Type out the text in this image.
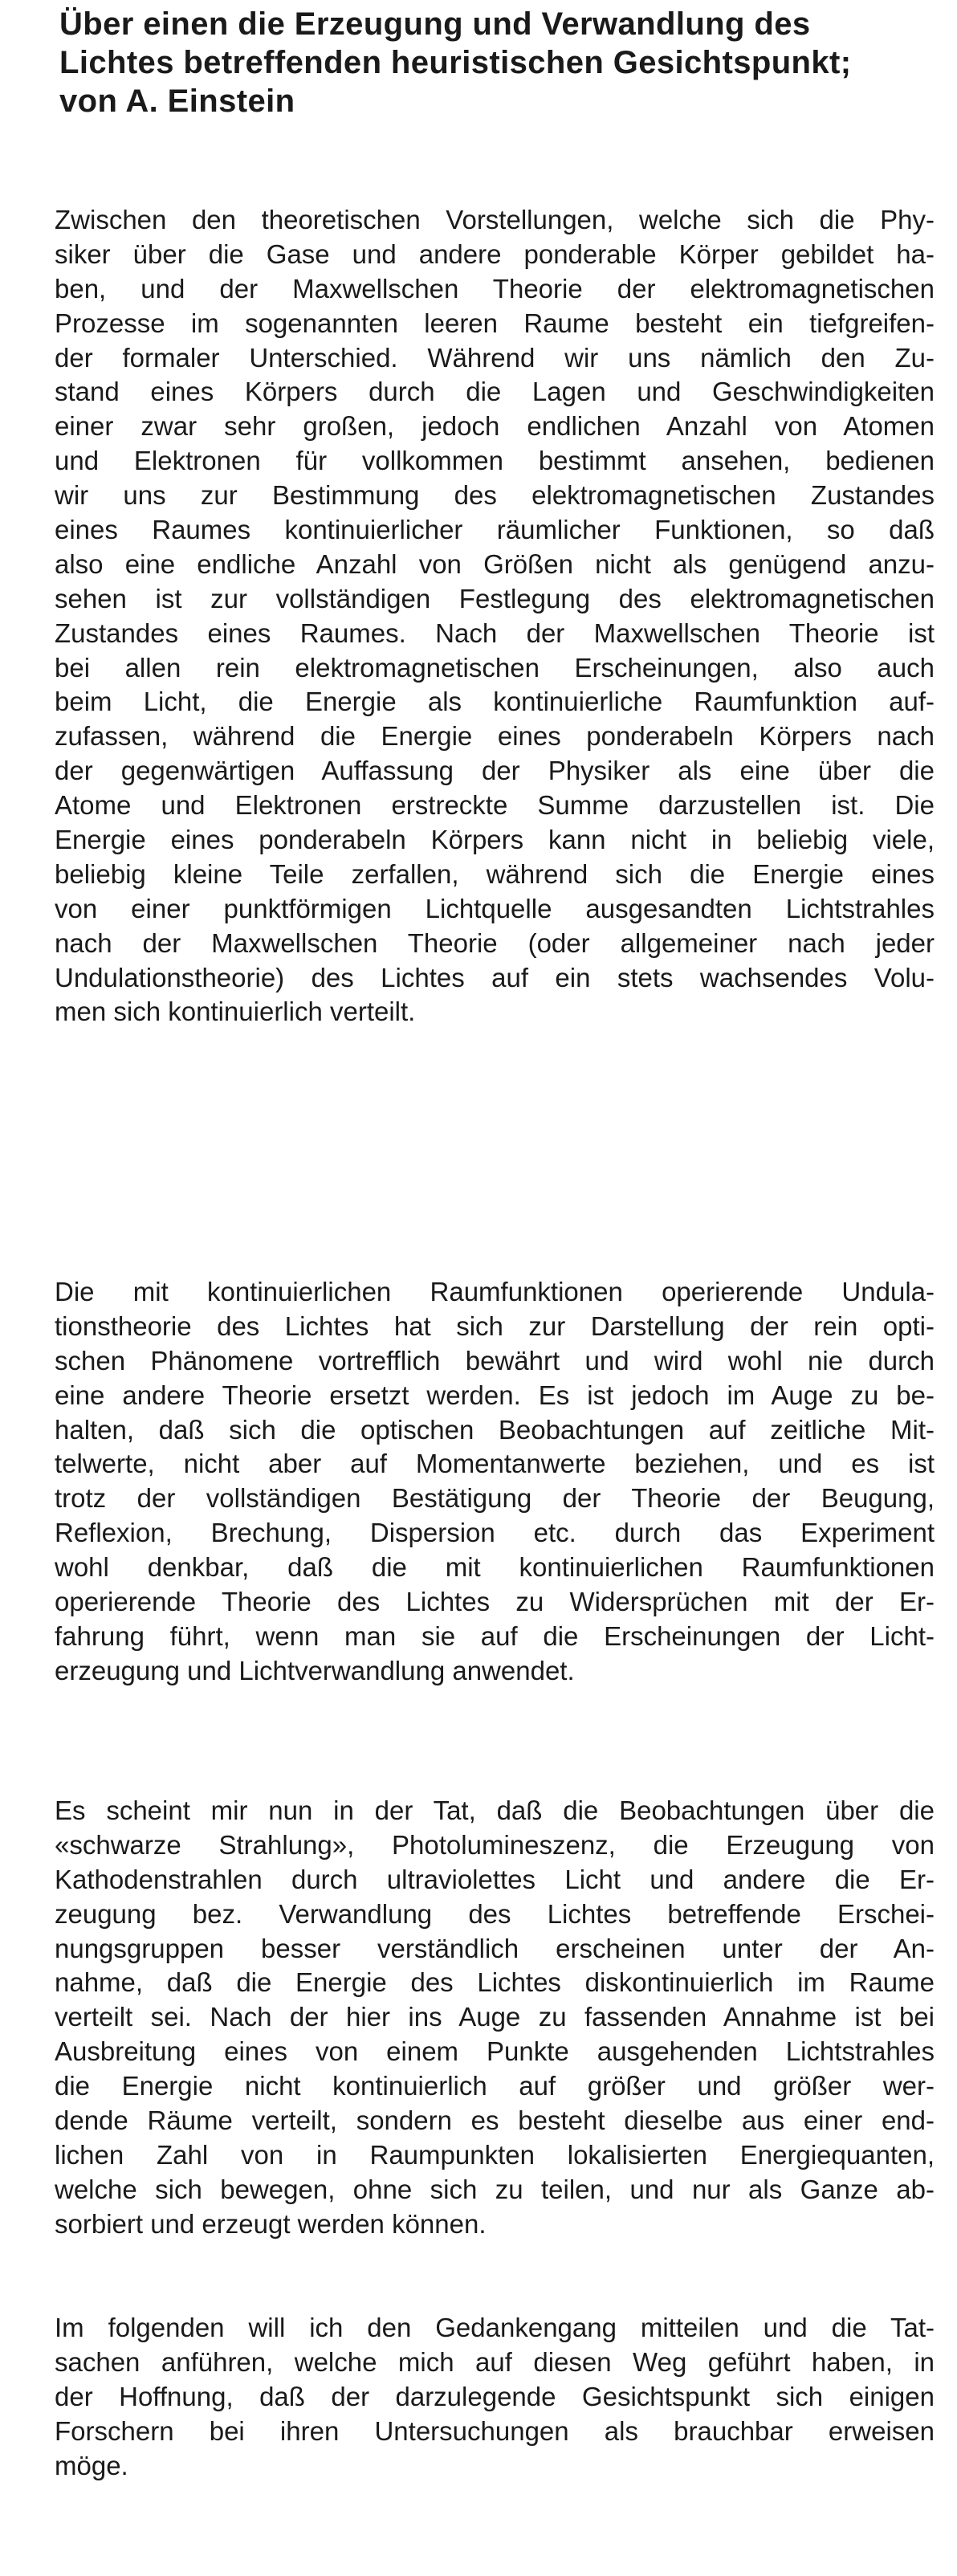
Über einen die Erzeugung und Verwandlung des
Lichtes betreffenden heuristischen Gesichtspunkt;
von A. Einstein
Zwischen den theoretischen Vorstellungen, welche sich die Phy-
siker über die Gase und andere ponderable Körper gebildet ha-
ben, und der Maxwellschen Theorie der elektromagnetischen
Prozesse im sogenannten leeren Raume besteht ein tiefgreifen-
der formaler Unterschied. Während wir uns nämlich den Zu-
stand eines Körpers durch die Lagen und Geschwindigkeiten
einer zwar sehr großen, jedoch endlichen Anzahl von Atomen
und Elektronen für vollkommen bestimmt ansehen, bedienen
wir uns zur Bestimmung des elektromagnetischen Zustandes
eines Raumes kontinuierlicher räumlicher Funktionen, so daß
also eine endliche Anzahl von Größen nicht als genügend anzu-
sehen ist zur vollständigen Festlegung des elektromagnetischen
Zustandes eines Raumes. Nach der Maxwellschen Theorie ist
bei allen rein elektromagnetischen Erscheinungen, also auch
beim Licht, die Energie als kontinuierliche Raumfunktion auf-
zufassen, während die Energie eines ponderabeln Körpers nach
der gegenwärtigen Auffassung der Physiker als eine über die
Atome und Elektronen erstreckte Summe darzustellen ist. Die
Energie eines ponderabeln Körpers kann nicht in beliebig viele,
beliebig kleine Teile zerfallen, während sich die Energie eines
von einer punktförmigen Lichtquelle ausgesandten Lichtstrahles
nach der Maxwellschen Theorie (oder allgemeiner nach jeder
Undulationstheorie) des Lichtes auf ein stets wachsendes Volu-
men sich kontinuierlich verteilt.
Die mit kontinuierlichen Raumfunktionen operierende Undula-
tionstheorie des Lichtes hat sich zur Darstellung der rein opti-
schen Phänomene vortrefflich bewährt und wird wohl nie durch
eine andere Theorie ersetzt werden. Es ist jedoch im Auge zu be-
halten, daß sich die optischen Beobachtungen auf zeitliche Mit-
telwerte, nicht aber auf Momentanwerte beziehen, und es ist
trotz der vollständigen Bestätigung der Theorie der Beugung,
Reflexion, Brechung, Dispersion etc. durch das Experiment
wohl denkbar, daß die mit kontinuierlichen Raumfunktionen
operierende Theorie des Lichtes zu Widersprüchen mit der Er-
fahrung führt, wenn man sie auf die Erscheinungen der Licht-
erzeugung und Lichtverwandlung anwendet.
Es scheint mir nun in der Tat, daß die Beobachtungen über die
«schwarze Strahlung», Photolumineszenz, die Erzeugung von
Kathodenstrahlen durch ultraviolettes Licht und andere die Er-
zeugung bez. Verwandlung des Lichtes betreffende Erschei-
nungsgruppen besser verständlich erscheinen unter der An-
nahme, daß die Energie des Lichtes diskontinuierlich im Raume
verteilt sei. Nach der hier ins Auge zu fassenden Annahme ist bei
Ausbreitung eines von einem Punkte ausgehenden Lichtstrahles
die Energie nicht kontinuierlich auf größer und größer wer-
dende Räume verteilt, sondern es besteht dieselbe aus einer end-
lichen Zahl von in Raumpunkten lokalisierten Energiequanten,
welche sich bewegen, ohne sich zu teilen, und nur als Ganze ab-
sorbiert und erzeugt werden können.
Im folgenden will ich den Gedankengang mitteilen und die Tat-
sachen anführen, welche mich auf diesen Weg geführt haben, in
der Hoffnung, daß der darzulegende Gesichtspunkt sich einigen
Forschern bei ihren Untersuchungen als brauchbar erweisen
möge.
